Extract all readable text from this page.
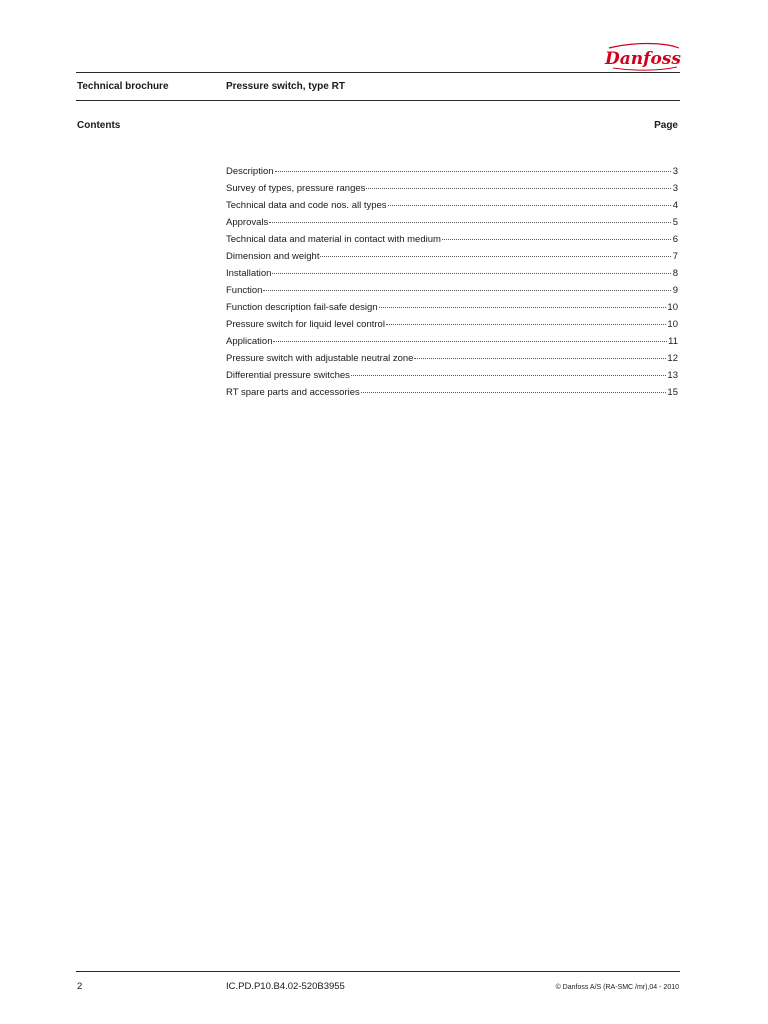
Danfoss
Technical brochure	Pressure switch, type RT
Contents	Page
Description	3
Survey of types, pressure ranges	3
Technical data and code nos. all types	4
Approvals	5
Technical data and material in contact with medium	6
Dimension and weight	7
Installation	8
Function	9
Function description fail-safe design	10
Pressure switch for liquid level control	10
Application	11
Pressure switch with adjustable neutral zone	12
Differential pressure switches	13
RT spare parts and accessories	15
2	IC.PD.P10.B4.02-520B3955	© Danfoss A/S (RA-SMC /mr),04 - 2010
